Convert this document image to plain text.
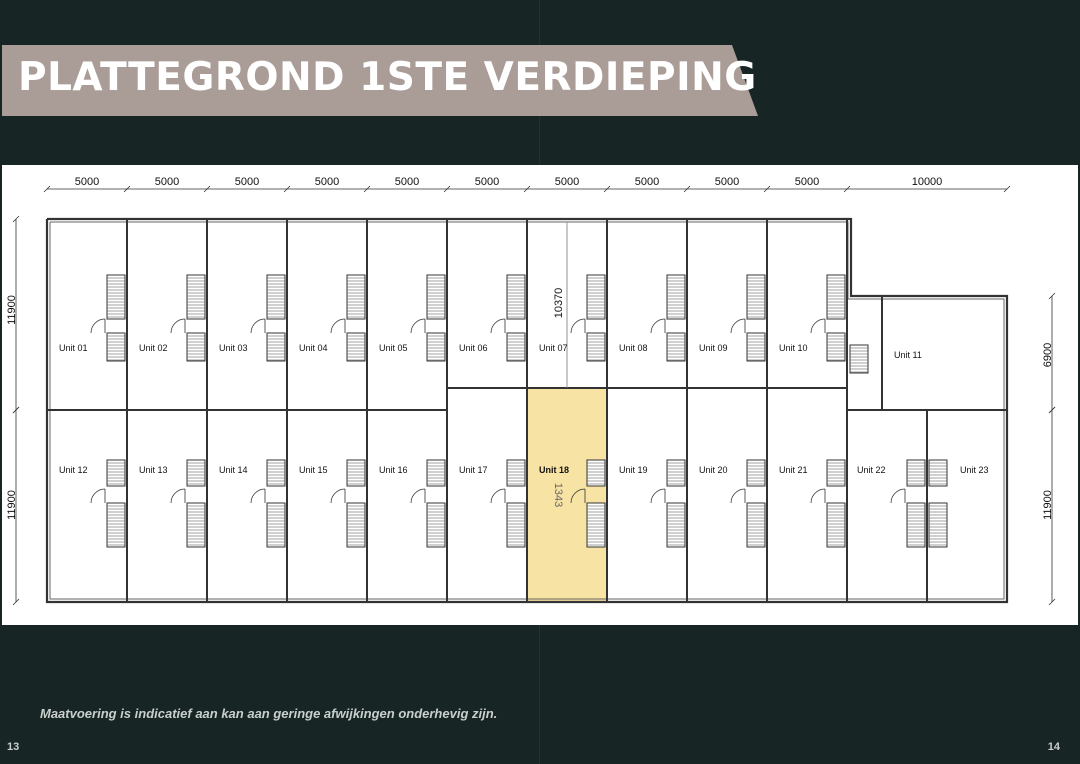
PLATTEGROND 1STE VERDIEPING
Unit 01	Unit 02	Unit 03	Unit 04	Unit 05	Unit 06	Unit 07	Unit 08	Unit 09	Unit 10
Unit 11
Unit 12	Unit 13	Unit 14	Unit 15	Unit 16	Unit 17	Unit 18	Unit 19	Unit 20	Unit 21	Unit 22	Unit 23
5000	5000	5000	5000	5000	5000	5000	5000	5000	5000	10000
11900
11900
6900
11900
10370
1343
Maatvoering is indicatief aan kan aan geringe afwijkingen onderhevig zijn.
13	14
